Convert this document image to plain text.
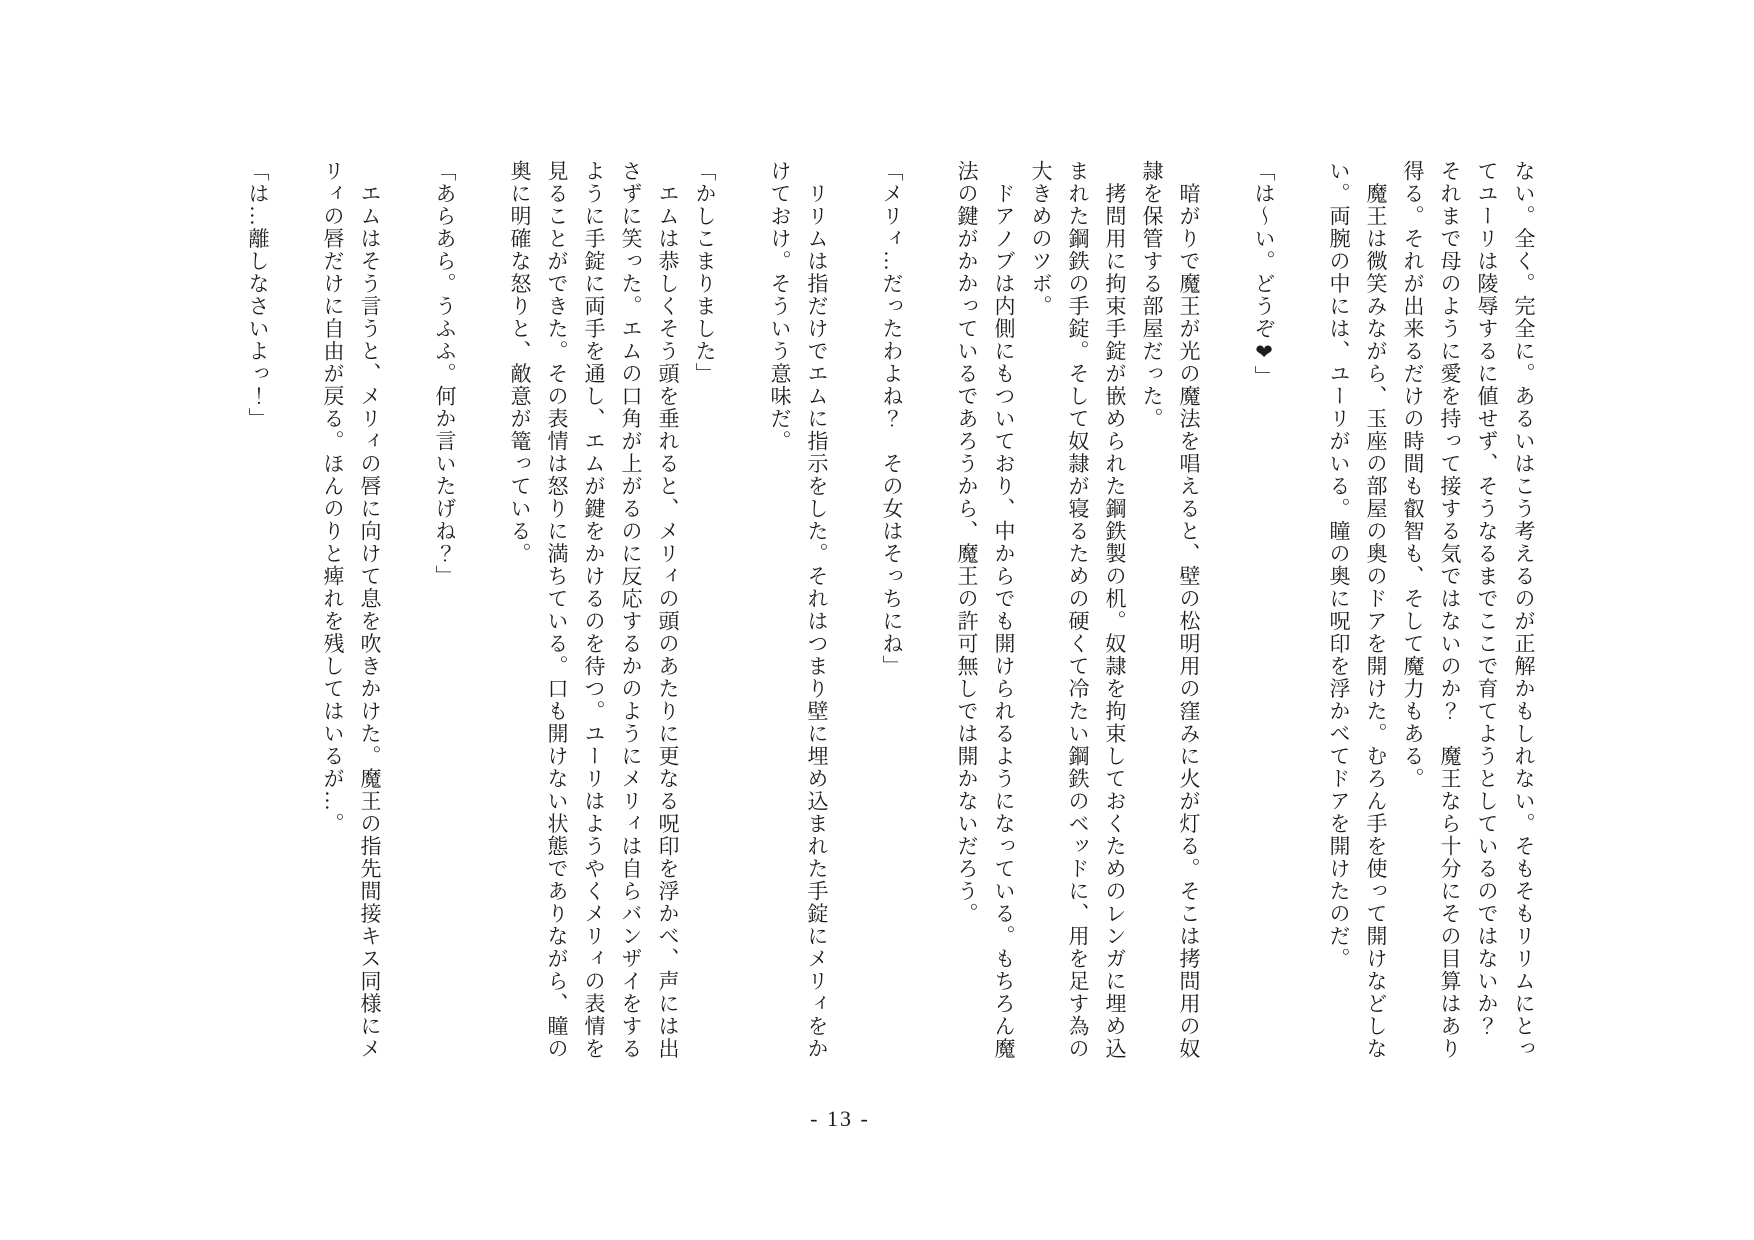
ない。全く。完全に。あるいはこう考えるのが正解かもしれない。そもそもリリムにとってユーリは陵辱するに値せず、そうなるまでここで育てようとしているのではないか？　それまで母のように愛を持って接する気ではないのか？　魔王なら十分にその目算はあり得る。それが出来るだけの時間も叡智も、そして魔力もある。

　魔王は微笑みながら、玉座の部屋の奥のドアを開けた。むろん手を使って開けなどしない。両腕の中には、ユーリがいる。瞳の奥に呪印を浮かべてドアを開けたのだ。

「は〜い。どうぞ❤」

　暗がりで魔王が光の魔法を唱えると、壁の松明用の窪みに火が灯る。そこは拷問用の奴隷を保管する部屋だった。

　拷問用に拘束手錠が嵌められた鋼鉄製の机。奴隷を拘束しておくためのレンガに埋め込まれた鋼鉄の手錠。そして奴隷が寝るための硬くて冷たい鋼鉄のベッドに、用を足す為の大きめのツボ。

　ドアノブは内側にもついており、中からでも開けられるようになっている。もちろん魔法の鍵がかかっているであろうから、魔王の許可無しでは開かないだろう。

「メリィ…だったわよね？　その女はそっちにね」

　リリムは指だけでエムに指示をした。それはつまり壁に埋め込まれた手錠にメリィをかけておけ。そういう意味だ。

「かしこまりました」

　エムは恭しくそう頭を垂れると、メリィの頭のあたりに更なる呪印を浮かべ、声には出さずに笑った。エムの口角が上がるのに反応するかのようにメリィは自らバンザイをするように手錠に両手を通し、エムが鍵をかけるのを待つ。ユーリはようやくメリィの表情を見ることができた。その表情は怒りに満ちている。口も開けない状態でありながら、瞳の奥に明確な怒りと、敵意が篭っている。

「あらあら。うふふ。何か言いたげね？」

　エムはそう言うと、メリィの唇に向けて息を吹きかけた。魔王の指先間接キス同様にメリィの唇だけに自由が戻る。ほんのりと痺れを残してはいるが…。

「は…離しなさいよっ！」

- 13 -
